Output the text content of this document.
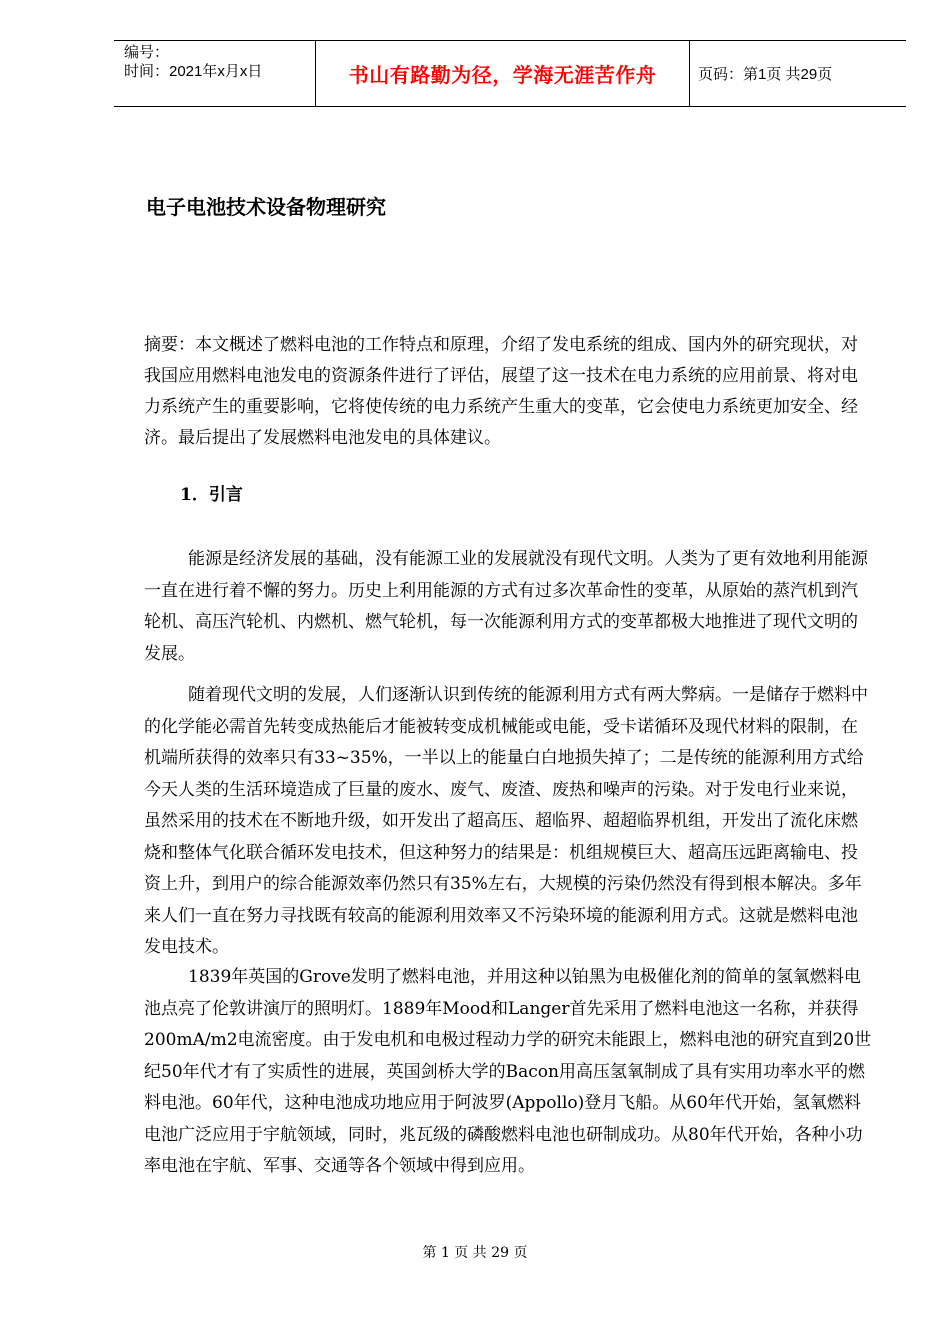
编号：
时间：2021年x月x日	书山有路勤为径，学海无涯苦作舟	页码：第1页 共29页
电子电池技术设备物理研究

摘要：本文概述了燃料电池的工作特点和原理，介绍了发电系统的组成、国内外的研究现状，对我国应用燃料电池发电的资源条件进行了评估，展望了这一技术在电力系统的应用前景、将对电力系统产生的重要影响，它将使传统的电力系统产生重大的变革，它会使电力系统更加安全、经济。最后提出了发展燃料电池发电的具体建议。

1．引言

能源是经济发展的基础，没有能源工业的发展就没有现代文明。人类为了更有效地利用能源一直在进行着不懈的努力。历史上利用能源的方式有过多次革命性的变革，从原始的蒸汽机到汽轮机、高压汽轮机、内燃机、燃气轮机，每一次能源利用方式的变革都极大地推进了现代文明的发展。

随着现代文明的发展，人们逐渐认识到传统的能源利用方式有两大弊病。一是储存于燃料中的化学能必需首先转变成热能后才能被转变成机械能或电能，受卡诺循环及现代材料的限制，在机端所获得的效率只有33~35%，一半以上的能量白白地损失掉了；二是传统的能源利用方式给今天人类的生活环境造成了巨量的废水、废气、废渣、废热和噪声的污染。对于发电行业来说，虽然采用的技术在不断地升级，如开发出了超高压、超临界、超超临界机组，开发出了流化床燃烧和整体气化联合循环发电技术，但这种努力的结果是：机组规模巨大、超高压远距离输电、投资上升，到用户的综合能源效率仍然只有35%左右，大规模的污染仍然没有得到根本解决。多年来人们一直在努力寻找既有较高的能源利用效率又不污染环境的能源利用方式。这就是燃料电池发电技术。

1839年英国的Grove发明了燃料电池，并用这种以铂黑为电极催化剂的简单的氢氧燃料电池点亮了伦敦讲演厅的照明灯。1889年Mood和Langer首先采用了燃料电池这一名称，并获得200mA/m2电流密度。由于发电机和电极过程动力学的研究未能跟上，燃料电池的研究直到20世纪50年代才有了实质性的进展，英国剑桥大学的Bacon用高压氢氧制成了具有实用功率水平的燃料电池。60年代，这种电池成功地应用于阿波罗(Appollo)登月飞船。从60年代开始，氢氧燃料电池广泛应用于宇航领域，同时，兆瓦级的磷酸燃料电池也研制成功。从80年代开始，各种小功率电池在宇航、军事、交通等各个领域中得到应用。

第 1 页 共 29 页
